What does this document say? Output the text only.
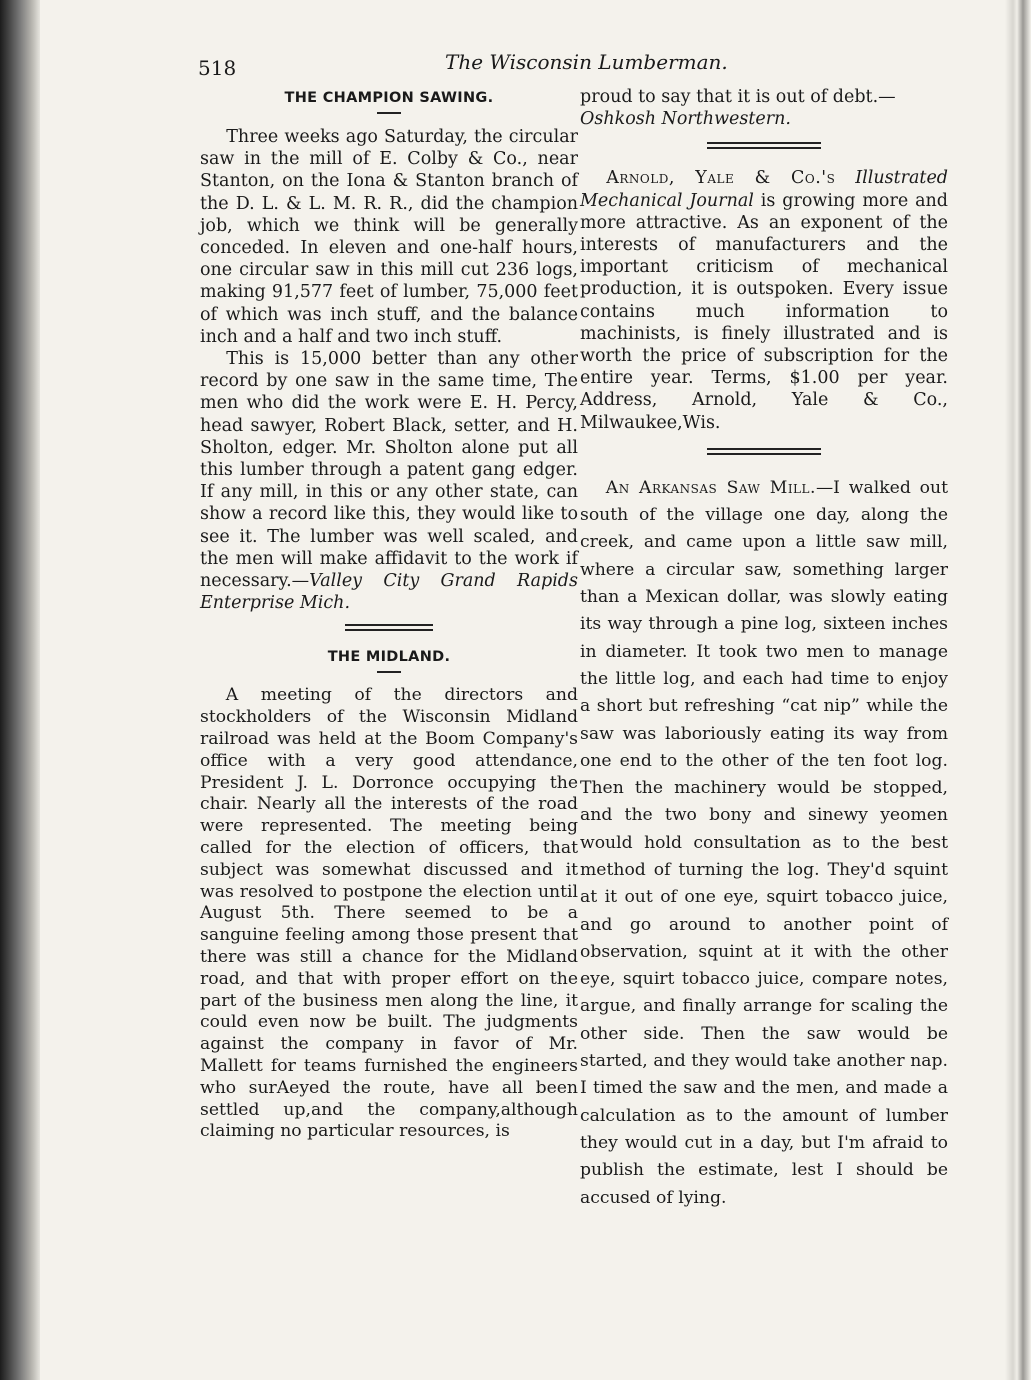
518	The Wisconsin Lumberman.
THE CHAMPION SAWING.

Three weeks ago Saturday, the circular saw in the mill of E. Colby & Co., near Stanton, on the Iona & Stanton branch of the D. L. & L. M. R. R., did the champion job, which we think will be generally conceded. In eleven and one-half hours, one circular saw in this mill cut 236 logs, making 91,577 feet of lumber, 75,000 feet of which was inch stuff, and the balance inch and a half and two inch stuff.

This is 15,000 better than any other record by one saw in the same time, The men who did the work were E. H. Percy, head sawyer, Robert Black, setter, and H. Sholton, edger. Mr. Sholton alone put all this lumber through a patent gang edger. If any mill, in this or any other state, can show a record like this, they would like to see it. The lumber was well scaled, and the men will make affidavit to the work if necessary.—Valley City Grand Rapids Enterprise Mich.

THE MIDLAND.

A meeting of the directors and stockholders of the Wisconsin Midland railroad was held at the Boom Company's office with a very good attendance, President J. L. Dorronce occupying the chair. Nearly all the interests of the road were represented. The meeting being called for the election of officers, that subject was somewhat discussed and it was resolved to postpone the election until August 5th. There seemed to be a sanguine feeling among those present that there was still a chance for the Midland road, and that with proper effort on the part of the business men along the line, it could even now be built. The judgments against the company in favor of Mr. Mallett for teams furnished the engineers who surAeyed the route, have all been settled up,and the company,although claiming no particular resources, is

proud to say that it is out of debt.—

Oshkosh Northwestern.

Arnold, Yale & Co.'s Illustrated Mechanical Journal is growing more and more attractive. As an exponent of the interests of manufacturers and the important criticism of mechanical production, it is outspoken. Every issue contains much information to machinists, is finely illustrated and is worth the price of subscription for the entire year. Terms, $1.00 per year. Address, Arnold, Yale & Co., Milwaukee,Wis.

An Arkansas Saw Mill.—I walked out south of the village one day, along the creek, and came upon a little saw mill, where a circular saw, something larger than a Mexican dollar, was slowly eating its way through a pine log, sixteen inches in diameter. It took two men to manage the little log, and each had time to enjoy a short but refreshing “cat nip” while the saw was laboriously eating its way from one end to the other of the ten foot log. Then the machinery would be stopped, and the two bony and sinewy yeomen would hold consultation as to the best method of turning the log. They'd squint at it out of one eye, squirt tobacco juice, and go around to another point of observation, squint at it with the other eye, squirt tobacco juice, compare notes, argue, and finally arrange for scaling the other side. Then the saw would be started, and they would take another nap. I timed the saw and the men, and made a calculation as to the amount of lumber they would cut in a day, but I'm afraid to publish the estimate, lest I should be accused of lying.
